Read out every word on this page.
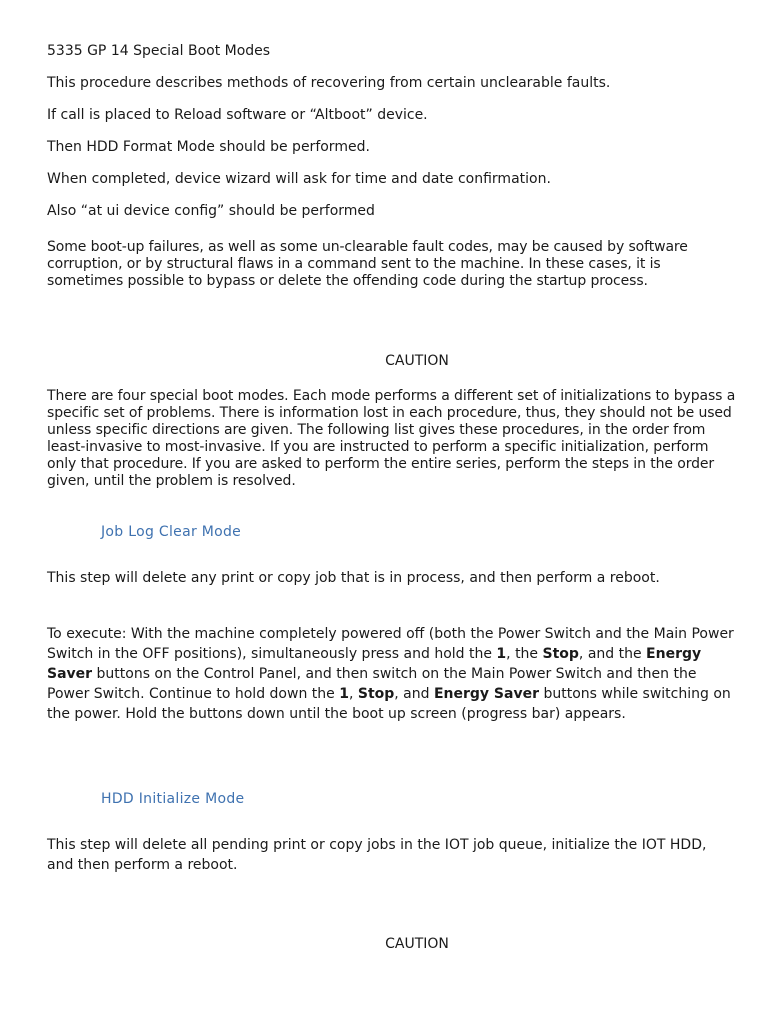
5335 GP 14 Special Boot Modes

This procedure describes methods of recovering from certain unclearable faults.

If call is placed to Reload software or “Altboot” device.

Then HDD Format Mode should be performed.

When completed, device wizard will ask for time and date confirmation.

Also “at ui device config” should be performed

Some boot-up failures, as well as some un-clearable fault codes, may be caused by software corruption, or by structural flaws in a command sent to the machine. In these cases, it is sometimes possible to bypass or delete the offending code during the startup process.

CAUTION

There are four special boot modes. Each mode performs a different set of initializations to bypass a specific set of problems. There is information lost in each procedure, thus, they should not be used unless specific directions are given. The following list gives these procedures, in the order from least-invasive to most-invasive. If you are instructed to perform a specific initialization, perform only that procedure. If you are asked to perform the entire series, perform the steps in the order given, until the problem is resolved.

Job Log Clear Mode

This step will delete any print or copy job that is in process, and then perform a reboot.

To execute: With the machine completely powered off (both the Power Switch and the Main Power Switch in the OFF positions), simultaneously press and hold the 1, the Stop, and the Energy Saver buttons on the Control Panel, and then switch on the Main Power Switch and then the Power Switch. Continue to hold down the 1, Stop, and Energy Saver buttons while switching on the power. Hold the buttons down until the boot up screen (progress bar) appears.

HDD Initialize Mode

This step will delete all pending print or copy jobs in the IOT job queue, initialize the IOT HDD, and then perform a reboot.

CAUTION
